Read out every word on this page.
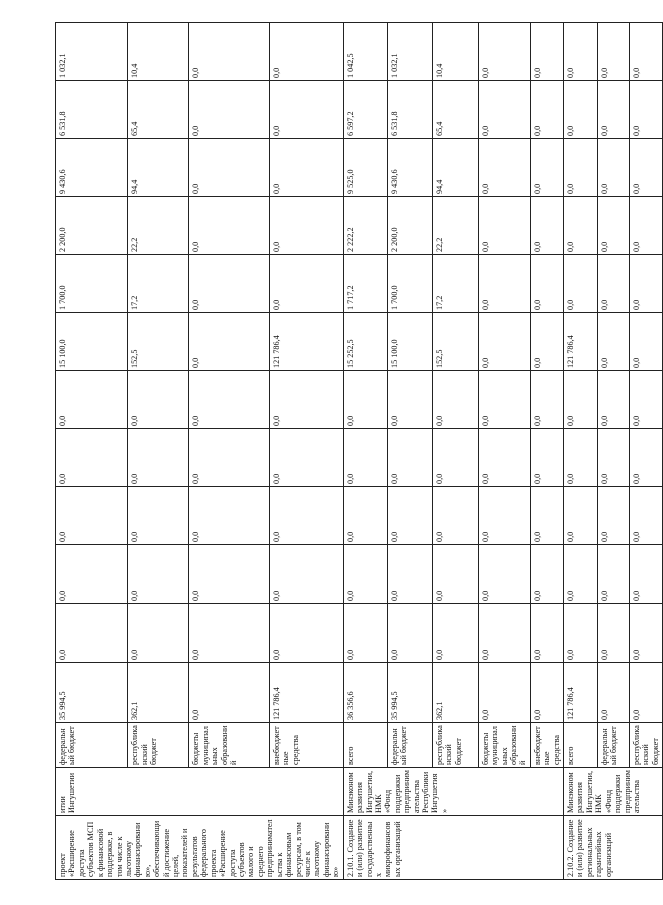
проект «Расширение доступа субъектов МСП к финансовой поддержке, в том числе к льготному финансированию», обеспечивающий достижение целей, показателей и результатов федерального проекта «Расширение доступа субъектов малого и среднего предпринимательства к финансовым ресурсам, в том числе к льготному финансированию»	итии Ингушетии	федеральный бюджет	35 994,5	0,0	0,0	0,0	0,0	0,0	15 100,0	1 700,0	2 200,0	9 430,6	6 531,8	1 032,1
		республиканский бюджет	362,1	0,0	0,0	0,0	0,0	0,0	152,5	17,2	22,2	94,4	65,4	10,4
		бюджеты муниципальных образований	0,0	0,0	0,0	0,0	0,0	0,0	0,0	0,0	0,0	0,0	0,0	0,0
		внебюджетные средства	121 786,4	0,0	0,0	0,0	0,0	0,0	121 786,4	0,0	0,0	0,0	0,0	0,0
2.10.1. Создание и (или) развитие государственных микрофинансовых организаций	Минэкономразвития Ингушетии, НМК «Фонд поддержки предпринимательства Республики Ингушетия»	всего	36 356,6	0,0	0,0	0,0	0,0	0,0	15 252,5	1 717,2	2 222,2	9 525,0	6 597,2	1 042,5
		федеральный бюджет	35 994,5	0,0	0,0	0,0	0,0	0,0	15 100,0	1 700,0	2 200,0	9 430,6	6 531,8	1 032,1
		республиканский бюджет	362,1	0,0	0,0	0,0	0,0	0,0	152,5	17,2	22,2	94,4	65,4	10,4
		бюджеты муниципальных образований	0,0	0,0	0,0	0,0	0,0	0,0	0,0	0,0	0,0	0,0	0,0	0,0
		внебюджетные средства	0,0	0,0	0,0	0,0	0,0	0,0	0,0	0,0	0,0	0,0	0,0	0,0
2.10.2. Создание и (или) развитие региональных гарантийных организаций	Минэкономразвития Ингушетии, НМК «Фонд поддержки предпринимательства	всего	121 786,4	0,0	0,0	0,0	0,0	0,0	121 786,4	0,0	0,0	0,0	0,0	0,0
		федеральный бюджет	0,0	0,0	0,0	0,0	0,0	0,0	0,0	0,0	0,0	0,0	0,0	0,0
		республиканский бюджет	0,0	0,0	0,0	0,0	0,0	0,0	0,0	0,0	0,0	0,0	0,0	0,0
